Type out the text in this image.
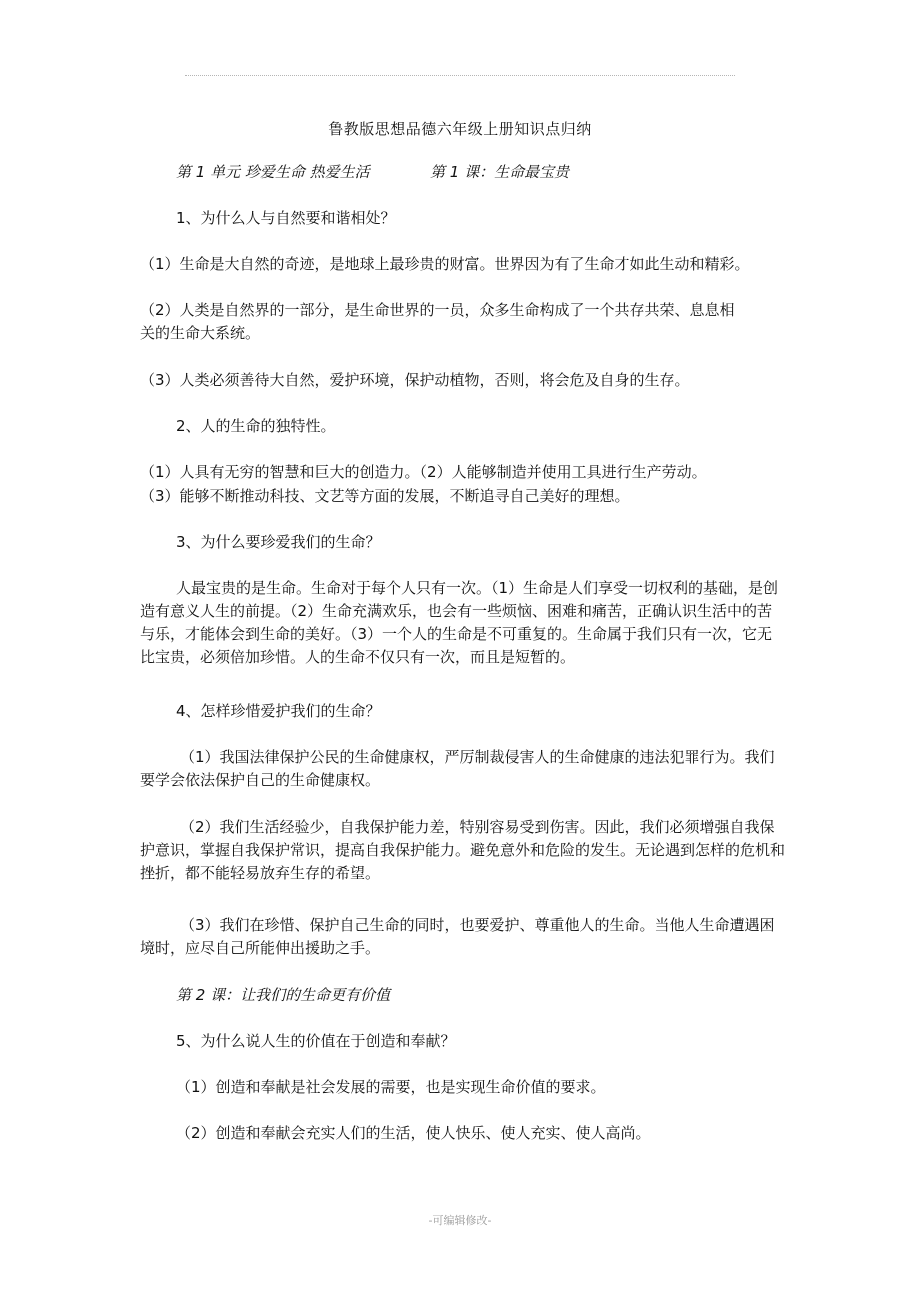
鲁教版思想品德六年级上册知识点归纳
第 1 单元 珍爱生命 热爱生活	第 1 课：生命最宝贵
1、为什么人与自然要和谐相处？
（1）生命是大自然的奇迹，是地球上最珍贵的财富。世界因为有了生命才如此生动和精彩。
（2）人类是自然界的一部分，是生命世界的一员，众多生命构成了一个共存共荣、息息相
关的生命大系统。
（3）人类必须善待大自然，爱护环境，保护动植物，否则，将会危及自身的生存。
2、人的生命的独特性。
（1）人具有无穷的智慧和巨大的创造力。（2）人能够制造并使用工具进行生产劳动。
（3）能够不断推动科技、文艺等方面的发展，不断追寻自己美好的理想。
3、为什么要珍爱我们的生命？
人最宝贵的是生命。生命对于每个人只有一次。（1）生命是人们享受一切权利的基础，是创造有意义人生的前提。（2）生命充满欢乐，也会有一些烦恼、困难和痛苦，正确认识生活中的苦与乐，才能体会到生命的美好。（3）一个人的生命是不可重复的。生命属于我们只有一次，它无比宝贵，必须倍加珍惜。人的生命不仅只有一次，而且是短暂的。
4、怎样珍惜爱护我们的生命？
（1）我国法律保护公民的生命健康权，严厉制裁侵害人的生命健康的违法犯罪行为。我们要学会依法保护自己的生命健康权。
（2）我们生活经验少，自我保护能力差，特别容易受到伤害。因此，我们必须增强自我保护意识，掌握自我保护常识，提高自我保护能力。避免意外和危险的发生。无论遇到怎样的危机和挫折，都不能轻易放弃生存的希望。
（3）我们在珍惜、保护自己生命的同时，也要爱护、尊重他人的生命。当他人生命遭遇困境时，应尽自己所能伸出援助之手。
第 2 课：让我们的生命更有价值
5、为什么说人生的价值在于创造和奉献？
（1）创造和奉献是社会发展的需要，也是实现生命价值的要求。
（2）创造和奉献会充实人们的生活，使人快乐、使人充实、使人高尚。
-可编辑修改-
